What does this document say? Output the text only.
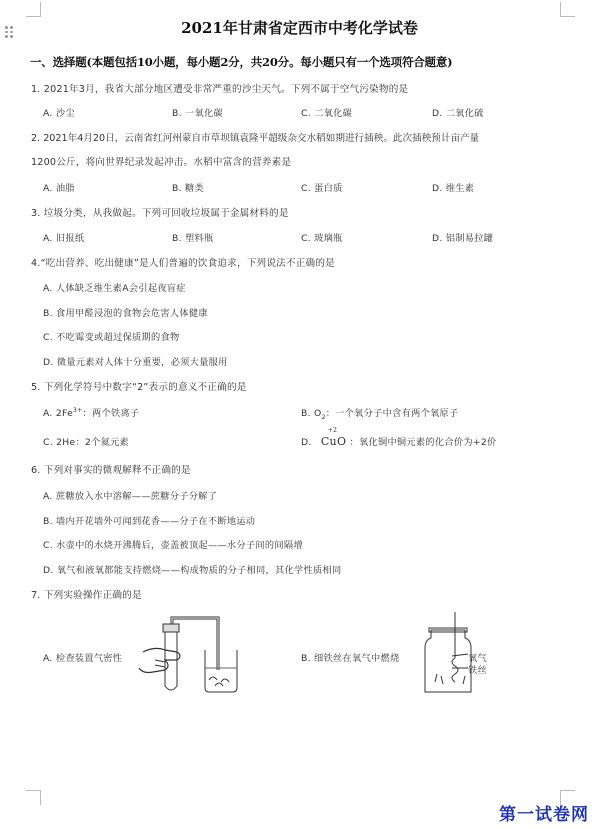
2021年甘肃省定西市中考化学试卷
一、选择题(本题包括10小题，每小题2分，共20分。每小题只有一个选项符合题意)
1. 2021年3月，我省大部分地区遭受非常严重的沙尘天气。下列不属于空气污染物的是
A. 沙尘	B. 一氧化碳	C. 二氧化碳	D. 二氧化硫
2. 2021年4月20日，云南省红河州蒙自市草坝镇袁隆平超级杂交水稻如期进行插秧。此次插秧预计亩产量
1200公斤，将向世界纪录发起冲击。水稻中富含的营养素是
A. 油脂	B. 糖类	C. 蛋白质	D. 维生素
3. 垃圾分类，从我做起。下列可回收垃圾属于金属材料的是
A. 旧报纸	B. 塑料瓶	C. 玻璃瓶	D. 铝制易拉罐
4.“吃出营养、吃出健康”是人们普遍的饮食追求，下列说法不正确的是
A. 人体缺乏维生素A会引起夜盲症
B. 食用甲醛浸泡的食物会危害人体健康
C. 不吃霉变或超过保质期的食物
D. 微量元素对人体十分重要，必须大量服用
5. 下列化学符号中数字“2”表示的意义不正确的是
A. $2Fe^{3+}$：两个铁离子	B. $O_2$：一个氧分子中含有两个氧原子
C. 2He：2个氦元素	D.
+2
CuO ：氧化铜中铜元素的化合价为+2价
6. 下列对事实的微观解释不正确的是
A. 蔗糖放入水中溶解——蔗糖分子分解了
B. 墙内开花墙外可闻到花香——分子在不断地运动
C. 水壶中的水烧开沸腾后，壶盖被顶起——水分子间的间隔增
D. 氧气和液氧都能支持燃烧——构成物质的分子相同，其化学性质相同
7. 下列实验操作正确的是
A. 检查装置气密性	B. 细铁丝在氧气中燃烧	氧气
铁丝
第一试卷网
